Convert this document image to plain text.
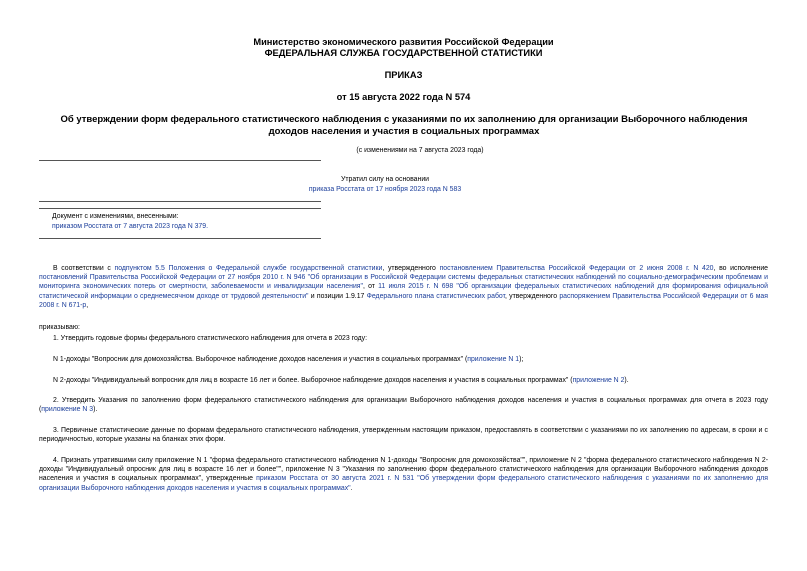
Министерство экономического развития Российской Федерации
ФЕДЕРАЛЬНАЯ СЛУЖБА ГОСУДАРСТВЕННОЙ СТАТИСТИКИ
ПРИКАЗ
от 15 августа 2022 года N 574
Об утверждении форм федерального статистического наблюдения с указаниями по их заполнению для организации Выборочного наблюдения доходов населения и участия в социальных программах
(с изменениями на 7 августа 2023 года)
Утратил силу на основании
приказа Росстата от 17 ноября 2023 года N 583
Документ с изменениями, внесенными:
приказом Росстата от 7 августа 2023 года N 379.
В соответствии с подпунктом 5.5 Положения о Федеральной службе государственной статистики, утвержденного постановлением Правительства Российской Федерации от 2 июня 2008 г. N 420, во исполнение постановлений Правительства Российской Федерации от 27 ноября 2010 г. N 946 "Об организации в Российской Федерации системы федеральных статистических наблюдений по социально-демографическим проблемам и мониторинга экономических потерь от смертности, заболеваемости и инвалидизации населения", от 11 июля 2015 г. N 698 "Об организации федеральных статистических наблюдений для формирования официальной статистической информации о среднемесячном доходе от трудовой деятельности" и позиции 1.9.17 Федерального плана статистических работ, утвержденного распоряжением Правительства Российской Федерации от 6 мая 2008 г. N 671-р,
приказываю:
1. Утвердить годовые формы федерального статистического наблюдения для отчета в 2023 году:
N 1-доходы "Вопросник для домохозяйства. Выборочное наблюдение доходов населения и участия в социальных программах" (приложение N 1);
N 2-доходы "Индивидуальный вопросник для лиц в возрасте 16 лет и более. Выборочное наблюдение доходов населения и участия в социальных программах" (приложение N 2).
2. Утвердить Указания по заполнению форм федерального статистического наблюдения для организации Выборочного наблюдения доходов населения и участия в социальных программах для отчета в 2023 году (приложение N 3).
3. Первичные статистические данные по формам федерального статистического наблюдения, утвержденным настоящим приказом, предоставлять в соответствии с указаниями по их заполнению по адресам, в сроки и с периодичностью, которые указаны на бланках этих форм.
4. Признать утратившими силу приложение N 1 "форма федерального статистического наблюдения N 1-доходы "Вопросник для домохозяйства"", приложение N 2 "форма федерального статистического наблюдения N 2-доходы "Индивидуальный опросник для лиц в возрасте 16 лет и более"", приложение N 3 "Указания по заполнению форм федерального статистического наблюдения для организации Выборочного наблюдения доходов населения и участия в социальных программах", утвержденные приказом Росстата от 30 августа 2021 г. N 531 "Об утверждении форм федерального статистического наблюдения с указаниями по их заполнению для организации Выборочного наблюдения доходов населения и участия в социальных программах".
